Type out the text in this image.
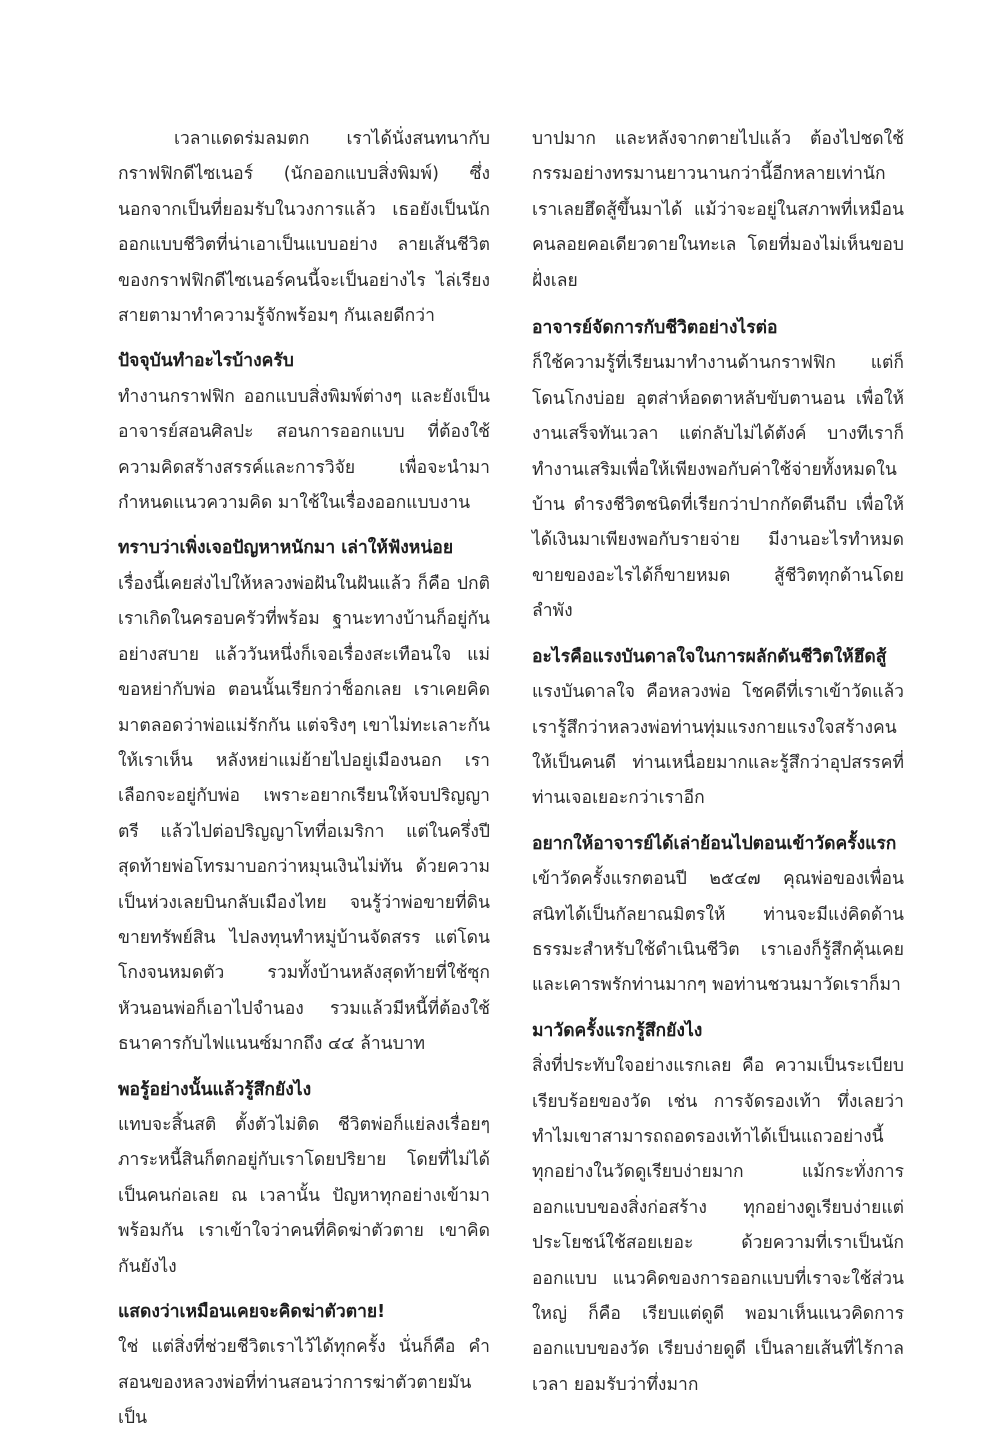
เวลาแดดร่มลมตก เราได้นั่งสนทนากับกราฟฟิกดีไซเนอร์ (นักออกแบบสิ่งพิมพ์) ซึ่งนอกจากเป็นที่ยอมรับในวงการแล้ว เธอยังเป็นนักออกแบบชีวิตที่น่าเอาเป็นแบบอย่าง ลายเส้นชีวิตของกราฟฟิกดีไซเนอร์คนนี้จะเป็นอย่างไร ไล่เรียงสายตามาทำความรู้จักพร้อมๆ กันเลยดีกว่า

ปัจจุบันทำอะไรบ้างครับ

ทำงานกราฟฟิก ออกแบบสิ่งพิมพ์ต่างๆ และยังเป็นอาจารย์สอนศิลปะ สอนการออกแบบ ที่ต้องใช้ความคิดสร้างสรรค์และการวิจัย เพื่อจะนำมากำหนดแนวความคิด มาใช้ในเรื่องออกแบบงาน

ทราบว่าเพิ่งเจอปัญหาหนักมา เล่าให้ฟังหน่อย

เรื่องนี้เคยส่งไปให้หลวงพ่อฝันในฝันแล้ว ก็คือ ปกติเราเกิดในครอบครัวที่พร้อม ฐานะทางบ้านก็อยู่กันอย่างสบาย แล้ววันหนึ่งก็เจอเรื่องสะเทือนใจ แม่ขอหย่ากับพ่อ ตอนนั้นเรียกว่าช็อกเลย เราเคยคิดมาตลอดว่าพ่อแม่รักกัน แต่จริงๆ เขาไม่ทะเลาะกันให้เราเห็น หลังหย่าแม่ย้ายไปอยู่เมืองนอก เราเลือกจะอยู่กับพ่อ เพราะอยากเรียนให้จบปริญญาตรี แล้วไปต่อปริญญาโทที่อเมริกา แต่ในครึ่งปีสุดท้ายพ่อโทรมาบอกว่าหมุนเงินไม่ทัน ด้วยความเป็นห่วงเลยบินกลับเมืองไทย จนรู้ว่าพ่อขายที่ดิน ขายทรัพย์สิน ไปลงทุนทำหมู่บ้านจัดสรร แต่โดนโกงจนหมดตัว รวมทั้งบ้านหลังสุดท้ายที่ใช้ซุกหัวนอนพ่อก็เอาไปจำนอง รวมแล้วมีหนี้ที่ต้องใช้ธนาคารกับไฟแนนซ์มากถึง ๔๔ ล้านบาท

พอรู้อย่างนั้นแล้วรู้สึกยังไง

แทบจะสิ้นสติ ตั้งตัวไม่ติด ชีวิตพ่อก็แย่ลงเรื่อยๆ ภาระหนี้สินก็ตกอยู่กับเราโดยปริยาย โดยที่ไม่ได้เป็นคนก่อเลย ณ เวลานั้น ปัญหาทุกอย่างเข้ามาพร้อมกัน เราเข้าใจว่าคนที่คิดฆ่าตัวตาย เขาคิดกันยังไง

แสดงว่าเหมือนเคยจะคิดฆ่าตัวตาย!

ใช่ แต่สิ่งที่ช่วยชีวิตเราไว้ได้ทุกครั้ง นั่นก็คือ คำสอนของหลวงพ่อที่ท่านสอนว่าการฆ่าตัวตายมันเป็น

บาปมาก และหลังจากตายไปแล้ว ต้องไปชดใช้กรรมอย่างทรมานยาวนานกว่านี้อีกหลายเท่านัก เราเลยฮึดสู้ขึ้นมาได้ แม้ว่าจะอยู่ในสภาพที่เหมือนคนลอยคอเดียวดายในทะเล โดยที่มองไม่เห็นขอบฝั่งเลย

อาจารย์จัดการกับชีวิตอย่างไรต่อ

ก็ใช้ความรู้ที่เรียนมาทำงานด้านกราฟฟิก แต่ก็โดนโกงบ่อย อุตส่าห์อดตาหลับขับตานอน เพื่อให้งานเสร็จทันเวลา แต่กลับไม่ได้ตังค์ บางทีเราก็ทำงานเสริมเพื่อให้เพียงพอกับค่าใช้จ่ายทั้งหมดในบ้าน ดำรงชีวิตชนิดที่เรียกว่าปากกัดตีนถีบ เพื่อให้ได้เงินมาเพียงพอกับรายจ่าย มีงานอะไรทำหมด ขายของอะไรได้ก็ขายหมด สู้ชีวิตทุกด้านโดยลำพัง

อะไรคือแรงบันดาลใจในการผลักดันชีวิตให้ฮึดสู้

แรงบันดาลใจ คือหลวงพ่อ โชคดีที่เราเข้าวัดแล้ว เรารู้สึกว่าหลวงพ่อท่านทุ่มแรงกายแรงใจสร้างคนให้เป็นคนดี ท่านเหนื่อยมากและรู้สึกว่าอุปสรรคที่ท่านเจอเยอะกว่าเราอีก

อยากให้อาจารย์ได้เล่าย้อนไปตอนเข้าวัดครั้งแรก

เข้าวัดครั้งแรกตอนปี ๒๕๔๗ คุณพ่อของเพื่อนสนิทได้เป็นกัลยาณมิตรให้ ท่านจะมีแง่คิดด้านธรรมะสำหรับใช้ดำเนินชีวิต เราเองก็รู้สึกคุ้นเคยและเคารพรักท่านมากๆ พอท่านชวนมาวัดเราก็มา

มาวัดครั้งแรกรู้สึกยังไง

สิ่งที่ประทับใจอย่างแรกเลย คือ ความเป็นระเบียบเรียบร้อยของวัด เช่น การจัดรองเท้า ทึ่งเลยว่าทำไมเขาสามารถถอดรองเท้าได้เป็นแถวอย่างนี้ ทุกอย่างในวัดดูเรียบง่ายมาก แม้กระทั่งการออกแบบของสิ่งก่อสร้าง ทุกอย่างดูเรียบง่ายแต่ประโยชน์ใช้สอยเยอะ ด้วยความที่เราเป็นนักออกแบบ แนวคิดของการออกแบบที่เราจะใช้ส่วนใหญ่ ก็คือ เรียบแต่ดูดี พอมาเห็นแนวคิดการออกแบบของวัด เรียบง่ายดูดี เป็นลายเส้นที่ไร้กาลเวลา ยอมรับว่าทึ่งมาก
